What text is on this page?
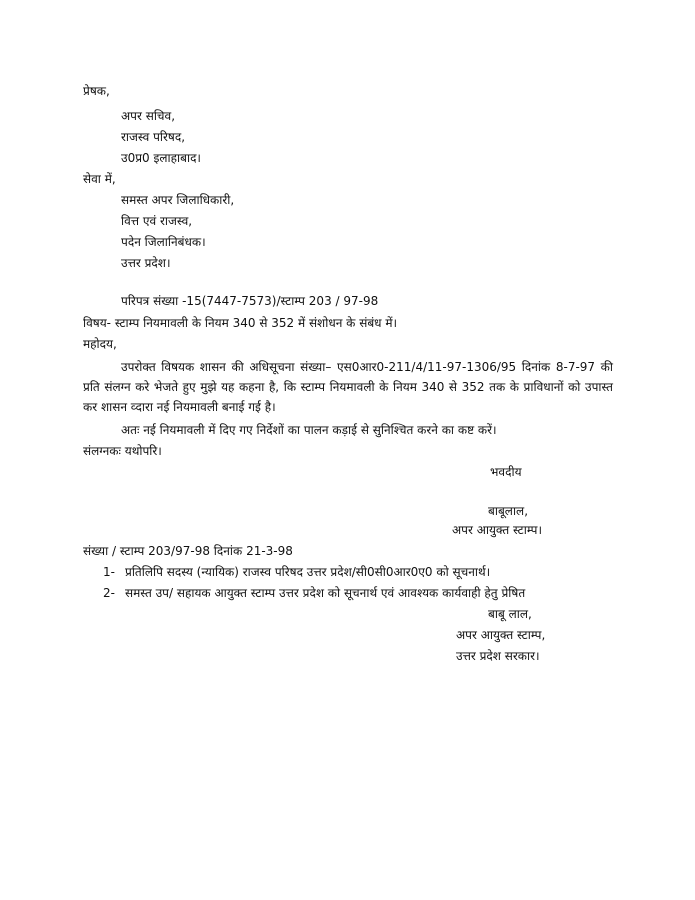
प्रेषक,
अपर सचिव,
राजस्व परिषद,
उ0प्र0 इलाहाबाद।
सेवा में,
समस्त अपर जिलाधिकारी,
वित्त एवं राजस्व,
पदेन जिलानिबंधक।
उत्तर प्रदेश।
परिपत्र संख्या -15(7447-7573)/स्टाम्प 203 / 97-98
विषय- स्टाम्प नियमावली के नियम 340 से 352 में संशोधन के संबंध में।
महोदय,
उपरोक्त विषयक शासन की अधिसूचना संख्या– एस0आर0-211/4/11-97-1306/95 दिनांक 8-7-97 की प्रति संलग्न करे भेजते हुए मुझे यह कहना है, कि स्टाम्प नियमावली के नियम 340 से 352 तक के प्राविधानों को उपास्त कर शासन व्दारा नई नियमावली बनाई गई है।
अतः नई नियमावली में दिए गए निर्देशों का पालन कड़ाई से सुनिश्चित करने का कष्ट करें।
संलग्नकः यथोपरि।
भवदीय
बाबूलाल,
अपर आयुक्त स्टाम्प।
संख्या / स्टाम्प 203/97-98 दिनांक 21-3-98
1- प्रतिलिपि सदस्य (न्यायिक) राजस्व परिषद उत्तर प्रदेश/सी0सी0आर0ए0 को सूचनार्थ।
2- समस्त उप/ सहायक आयुक्त स्टाम्प उत्तर प्रदेश को सूचनार्थ एवं आवश्यक कार्यवाही हेतु प्रेषित
बाबू लाल,
अपर आयुक्त स्टाम्प,
उत्तर प्रदेश सरकार।
